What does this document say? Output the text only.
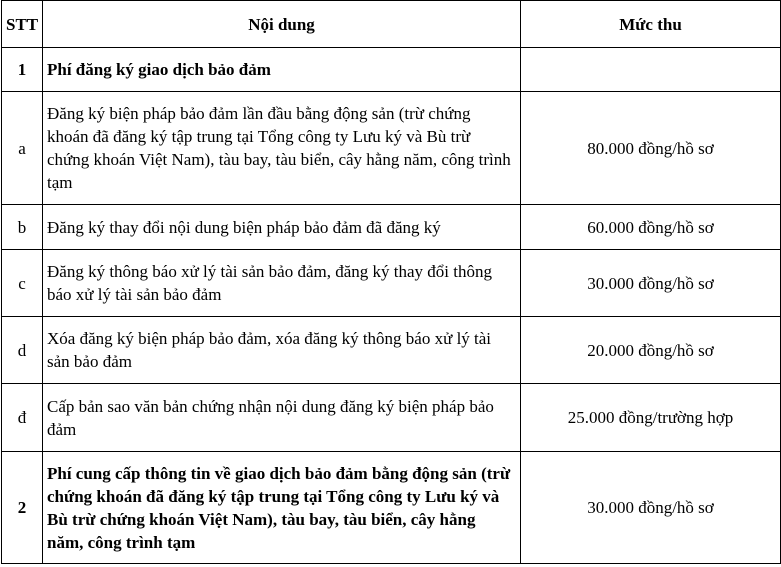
STT	Nội dung	Mức thu
1	Phí đăng ký giao dịch bảo đảm	
a	Đăng ký biện pháp bảo đảm lần đầu bằng động sản (trừ chứng khoán đã đăng ký tập trung tại Tổng công ty Lưu ký và Bù trừ chứng khoán Việt Nam), tàu bay, tàu biển, cây hằng năm, công trình tạm	80.000 đồng/hồ sơ
b	Đăng ký thay đổi nội dung biện pháp bảo đảm đã đăng ký	60.000 đồng/hồ sơ
c	Đăng ký thông báo xử lý tài sản bảo đảm, đăng ký thay đổi thông báo xử lý tài sản bảo đảm	30.000 đồng/hồ sơ
d	Xóa đăng ký biện pháp bảo đảm, xóa đăng ký thông báo xử lý tài sản bảo đảm	20.000 đồng/hồ sơ
đ	Cấp bản sao văn bản chứng nhận nội dung đăng ký biện pháp bảo đảm	25.000 đồng/trường hợp
2	Phí cung cấp thông tin về giao dịch bảo đảm bằng động sản (trừ chứng khoán đã đăng ký tập trung tại Tổng công ty Lưu ký và Bù trừ chứng khoán Việt Nam), tàu bay, tàu biển, cây hằng năm, công trình tạm	30.000 đồng/hồ sơ
